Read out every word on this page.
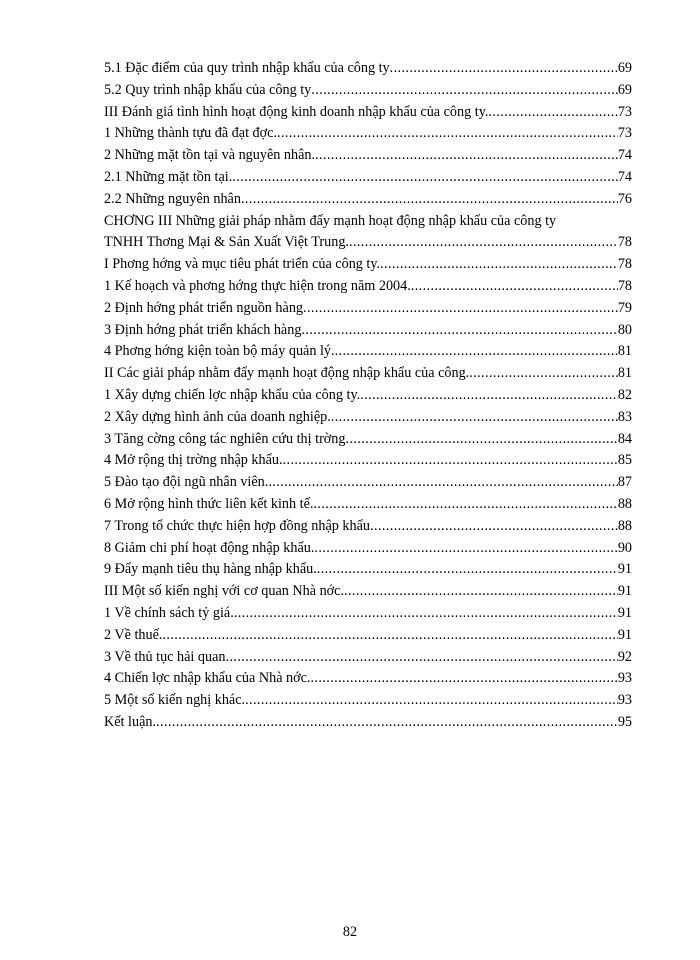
5.1 Đặc điểm của quy trình nhập khẩu của công ty .....	69
5.2 Quy trình nhập khẩu của công ty .....	69
III Đánh giá tình hình hoạt động kinh doanh nhập khẩu của công ty. .....	73
1 Những thành tựu đã đạt đợc. .....	73
2 Những mặt tồn tại và nguyên nhân. .....	74
2.1 Những mặt tồn tại. .....	74
2.2 Những nguyên nhân .....	76
CHƠNG III Những giải pháp nhằm đẩy mạnh hoạt động nhập khẩu của công ty
TNHH Thơng Mại & Sản Xuất Việt Trung. .....	78
I Phơng hớng và mục tiêu phát triển của công ty. .....	78
1 Kế hoạch và phơng hớng thực hiện trong năm 2004. .....	78
2 Định hớng phát triển nguồn hàng .....	79
3 Định hớng phát triển khách hàng .....	80
4 Phơng hớng kiện toàn bộ máy quản lý. .....	81
II Các giải pháp nhằm đẩy mạnh hoạt động nhập khẩu của công. .....	81
1 Xây dựng chiến lợc nhập khẩu của công ty. .....	82
2 Xây dựng hình ảnh của doanh nghiệp. .....	83
3 Tăng cờng công tác nghiên cứu thị trờng .....	84
4 Mở rộng thị trờng nhập khẩu. .....	85
5 Đào tạo đội ngũ nhân viên. .....	87
6 Mở rộng hình thức liên kết kinh tế. .....	88
7 Trong tổ chức thực hiện hợp đồng nhập khẩu .....	88
8 Giảm chi phí hoạt động nhập khẩu. .....	90
9 Đẩy mạnh tiêu thụ hàng nhập khẩu. .....	91
III Một số kiến nghị với cơ quan Nhà nớc. .....	91
1 Về chính sách tỷ giá. .....	91
2 Về thuế. .....	91
3 Về thủ tục hải quan .....	92
4 Chiến lợc nhập khẩu của Nhà nớc. .....	93
5 Một số kiến nghị khác. .....	93
Kết luận. .....	95
82
